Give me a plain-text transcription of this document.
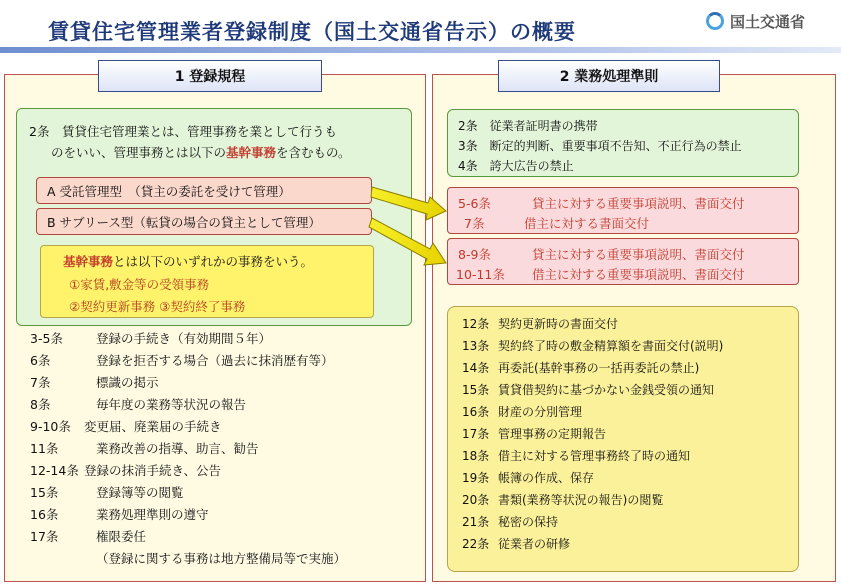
賃貸住宅管理業者登録制度（国土交通省告示）の概要	国土交通省
1 登録規程	2 業務処理準則
2条　賃貸住宅管理業とは、管理事務を業として行うも
のをいい、管理事務とは以下の基幹事務を含むもの。
A 受託管理型　（貸主の委託を受けて管理）
B サブリース型（転貸の場合の貸主として管理）
基幹事務とは以下のいずれかの事務をいう。
①家賃,敷金等の受領事務
②契約更新事務 ③契約終了事務
3‐5条	登録の手続き（有効期間５年）
6条	登録を拒否する場合（過去に抹消歴有等）
7条	標識の掲示
8条	毎年度の業務等状況の報告
9‐10条 変更届、廃業届の手続き
11条	業務改善の指導、助言、勧告
12‐14条 登録の抹消手続き、公告
15条	登録簿等の閲覧
16条	業務処理準則の遵守
17条	権限委任
（登録に関する事務は地方整備局等で実施）
2条　 従業者証明書の携帯
3条　 断定的判断、重要事項不告知、不正行為の禁止
4条　 誇大広告の禁止
5‐6条	貸主に対する重要事項説明、書面交付
7条	借主に対する書面交付
8‐9条	貸主に対する重要事項説明、書面交付
10‐11条 借主に対する重要事項説明、書面交付
12条 契約更新時の書面交付
13条 契約終了時の敷金精算額を書面交付(説明)
14条 再委託(基幹事務の一括再委託の禁止)
15条 賃貸借契約に基づかない金銭受領の通知
16条 財産の分別管理
17条 管理事務の定期報告
18条 借主に対する管理事務終了時の通知
19条 帳簿の作成、保存
20条 書類(業務等状況の報告)の閲覧
21条 秘密の保持
22条 従業者の研修
